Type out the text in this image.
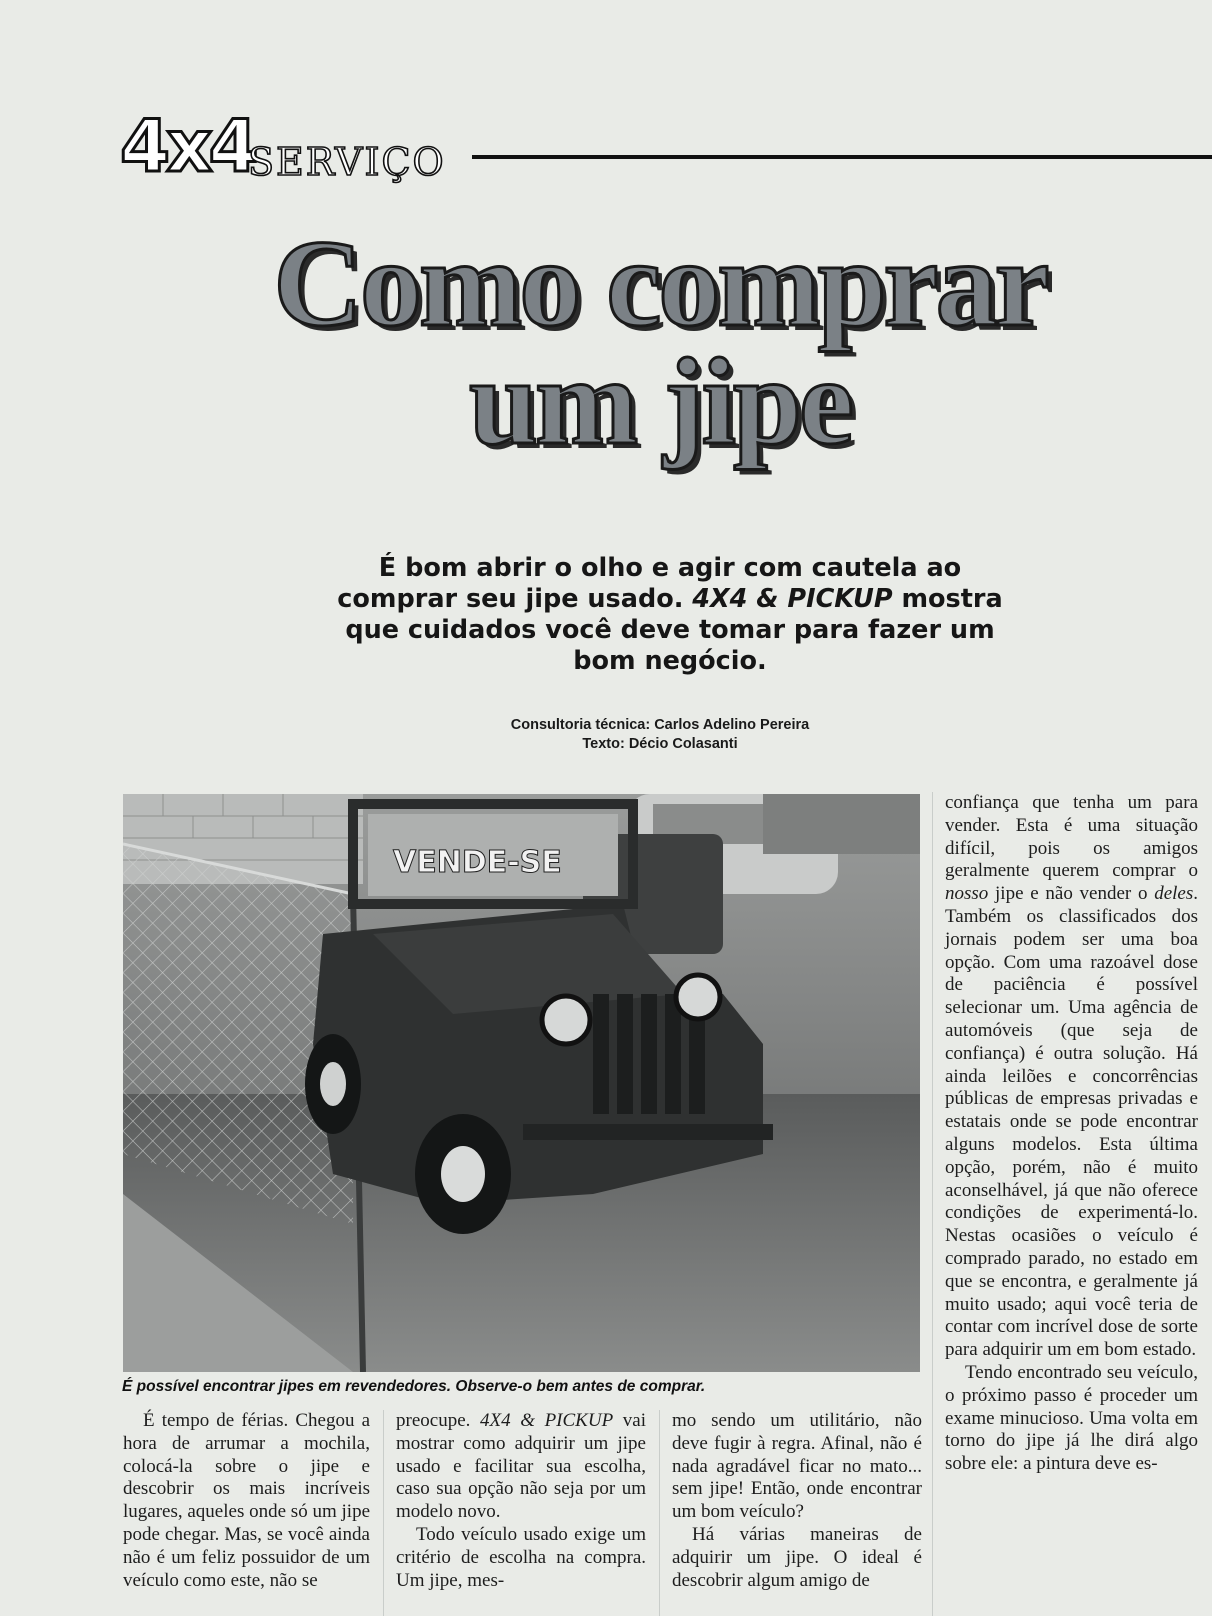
4x4
SERVIÇO
Como comprar
um jipe
É bom abrir o olho e agir com cautela ao comprar seu jipe usado. 4X4 & PICKUP mostra que cuidados você deve tomar para fazer um bom negócio.
Consultoria técnica: Carlos Adelino Pereira
Texto: Décio Colasanti
VENDE-SE
É possível encontrar jipes em revendedores. Observe-o bem antes de comprar.

É tempo de férias. Chegou a hora de arrumar a mochila, colocá-la sobre o jipe e descobrir os mais incríveis lugares, aqueles onde só um jipe pode chegar. Mas, se você ainda não é um feliz possuidor de um veículo como este, não se

preocupe. 4X4 & PICKUP vai mostrar como adquirir um jipe usado e facilitar sua escolha, caso sua opção não seja por um modelo novo.

Todo veículo usado exige um critério de escolha na compra. Um jipe, mes-

mo sendo um utilitário, não deve fugir à regra. Afinal, não é nada agradável ficar no mato... sem jipe! Então, onde encontrar um bom veículo?

Há várias maneiras de adquirir um jipe. O ideal é descobrir algum amigo de

confiança que tenha um para vender. Esta é uma situação difícil, pois os amigos geralmente querem comprar o nosso jipe e não vender o deles. Também os classificados dos jornais podem ser uma boa opção. Com uma razoável dose de paciência é possível selecionar um. Uma agência de automóveis (que seja de confiança) é outra solução. Há ainda leilões e concorrências públicas de empresas privadas e estatais onde se pode encontrar alguns modelos. Esta última opção, porém, não é muito aconselhável, já que não oferece condições de experimentá-lo. Nestas ocasiões o veículo é comprado parado, no estado em que se encontra, e geralmente já muito usado; aqui você teria de contar com incrível dose de sorte para adquirir um em bom estado.

Tendo encontrado seu veículo, o próximo passo é proceder um exame minucioso. Uma volta em torno do jipe já lhe dirá algo sobre ele: a pintura deve es-
